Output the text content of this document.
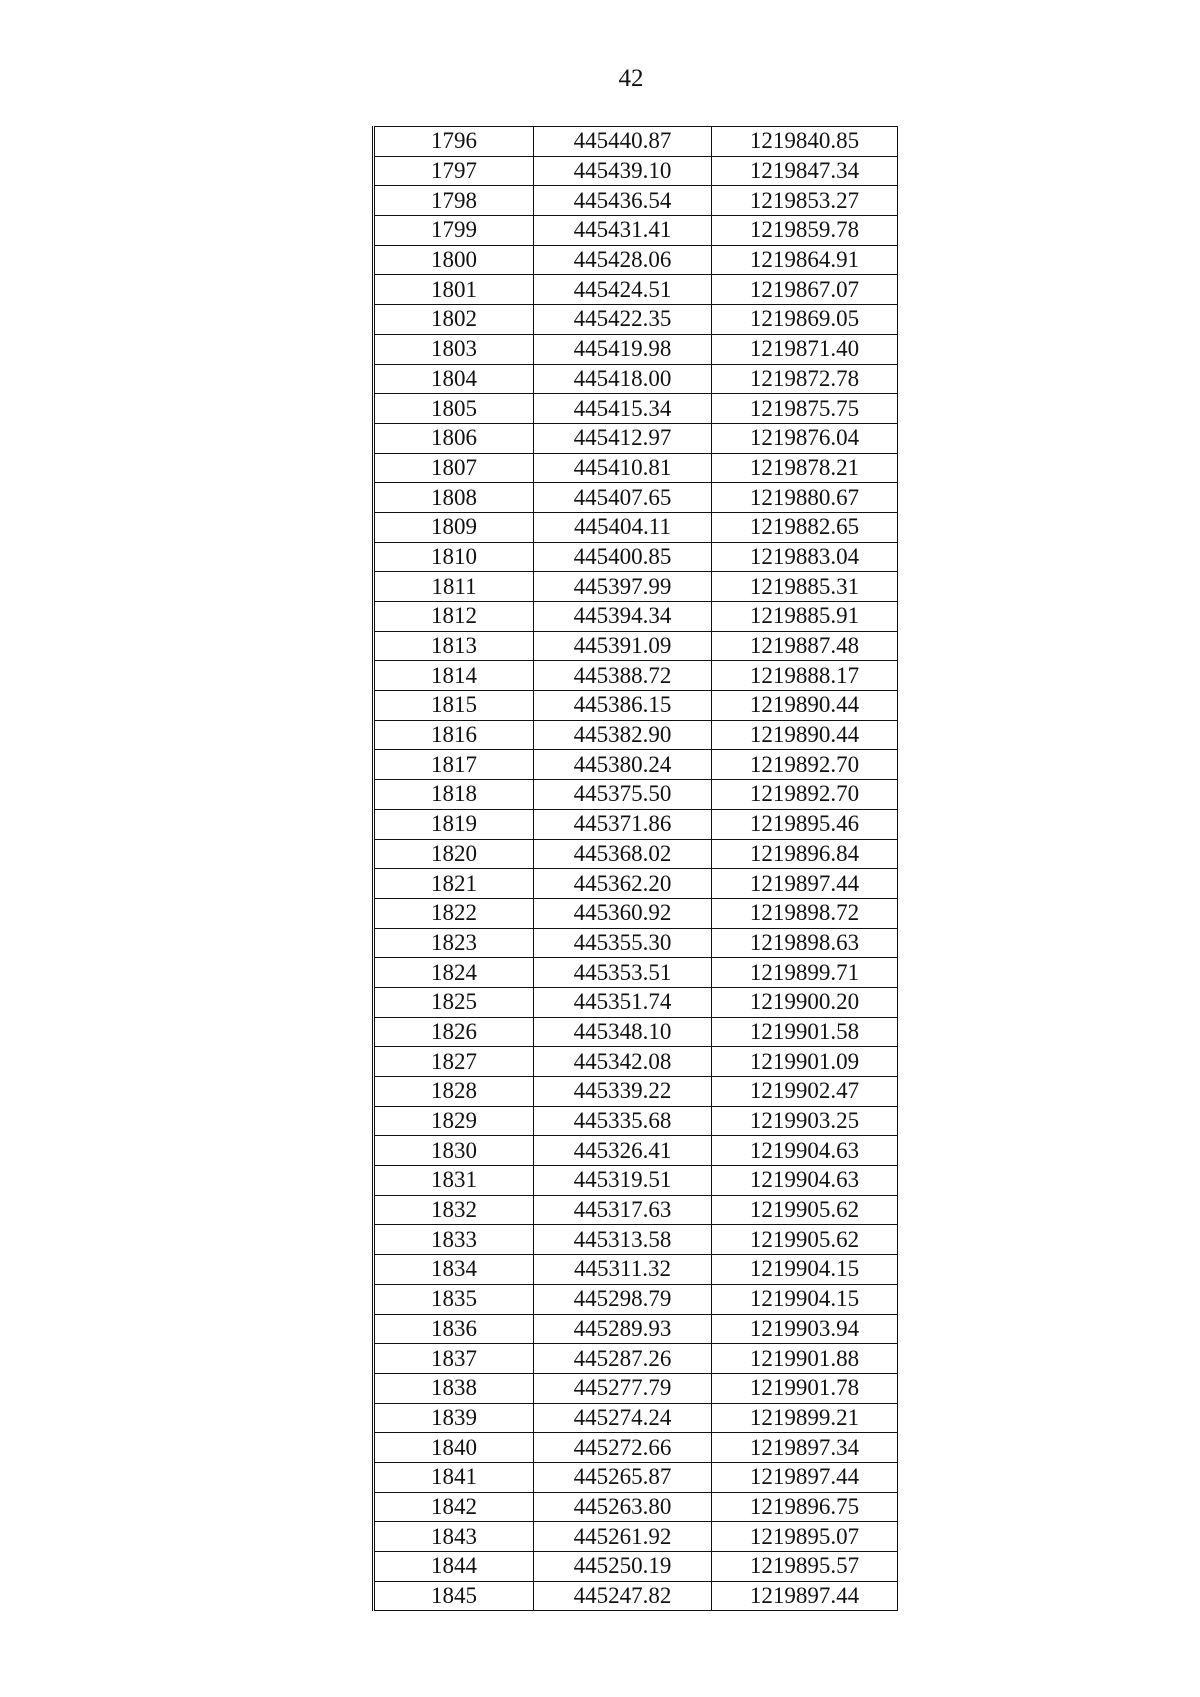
42
1796	445440.87	1219840.85
1797	445439.10	1219847.34
1798	445436.54	1219853.27
1799	445431.41	1219859.78
1800	445428.06	1219864.91
1801	445424.51	1219867.07
1802	445422.35	1219869.05
1803	445419.98	1219871.40
1804	445418.00	1219872.78
1805	445415.34	1219875.75
1806	445412.97	1219876.04
1807	445410.81	1219878.21
1808	445407.65	1219880.67
1809	445404.11	1219882.65
1810	445400.85	1219883.04
1811	445397.99	1219885.31
1812	445394.34	1219885.91
1813	445391.09	1219887.48
1814	445388.72	1219888.17
1815	445386.15	1219890.44
1816	445382.90	1219890.44
1817	445380.24	1219892.70
1818	445375.50	1219892.70
1819	445371.86	1219895.46
1820	445368.02	1219896.84
1821	445362.20	1219897.44
1822	445360.92	1219898.72
1823	445355.30	1219898.63
1824	445353.51	1219899.71
1825	445351.74	1219900.20
1826	445348.10	1219901.58
1827	445342.08	1219901.09
1828	445339.22	1219902.47
1829	445335.68	1219903.25
1830	445326.41	1219904.63
1831	445319.51	1219904.63
1832	445317.63	1219905.62
1833	445313.58	1219905.62
1834	445311.32	1219904.15
1835	445298.79	1219904.15
1836	445289.93	1219903.94
1837	445287.26	1219901.88
1838	445277.79	1219901.78
1839	445274.24	1219899.21
1840	445272.66	1219897.34
1841	445265.87	1219897.44
1842	445263.80	1219896.75
1843	445261.92	1219895.07
1844	445250.19	1219895.57
1845	445247.82	1219897.44
